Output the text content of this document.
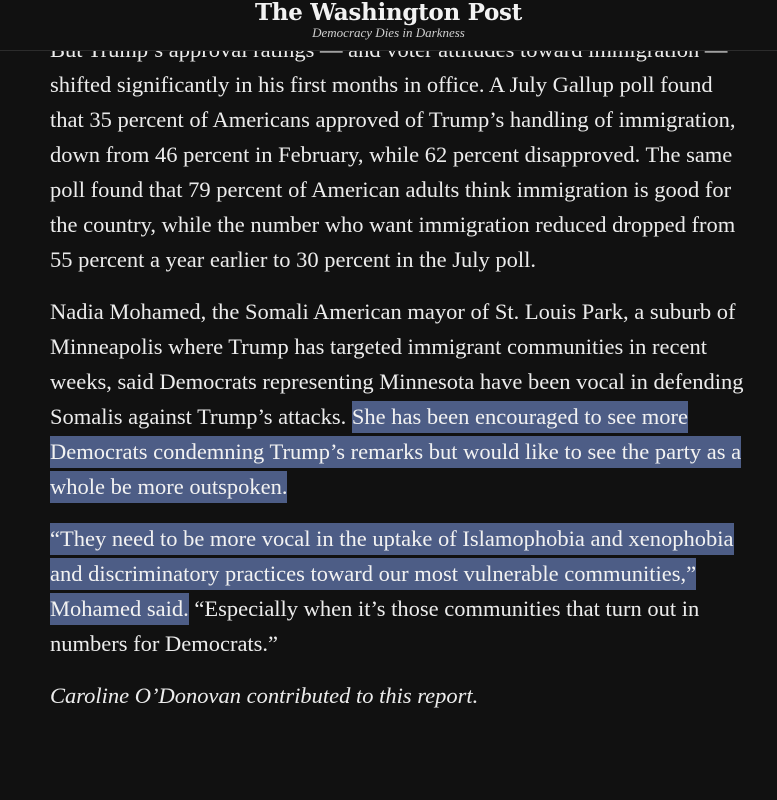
The Washington Post
Democracy Dies in Darkness

shifted significantly in his first months in office. A July Gallup poll found that 35 percent of Americans approved of Trump’s handling of immigration, down from 46 percent in February, while 62 percent disapproved. The same poll found that 79 percent of American adults think immigration is good for the country, while the number who want immigration reduced dropped from 55 percent a year earlier to 30 percent in the July poll.

Nadia Mohamed, the Somali American mayor of St. Louis Park, a suburb of Minneapolis where Trump has targeted immigrant communities in recent weeks, said Democrats representing Minnesota have been vocal in defending Somalis against Trump’s attacks. She has been encouraged to see more Democrats condemning Trump’s remarks but would like to see the party as a whole be more outspoken.

“They need to be more vocal in the uptake of Islamophobia and xenophobia and discriminatory practices toward our most vulnerable communities,” Mohamed said. “Especially when it’s those communities that turn out in numbers for Democrats.”

Caroline O’Donovan contributed to this report.
